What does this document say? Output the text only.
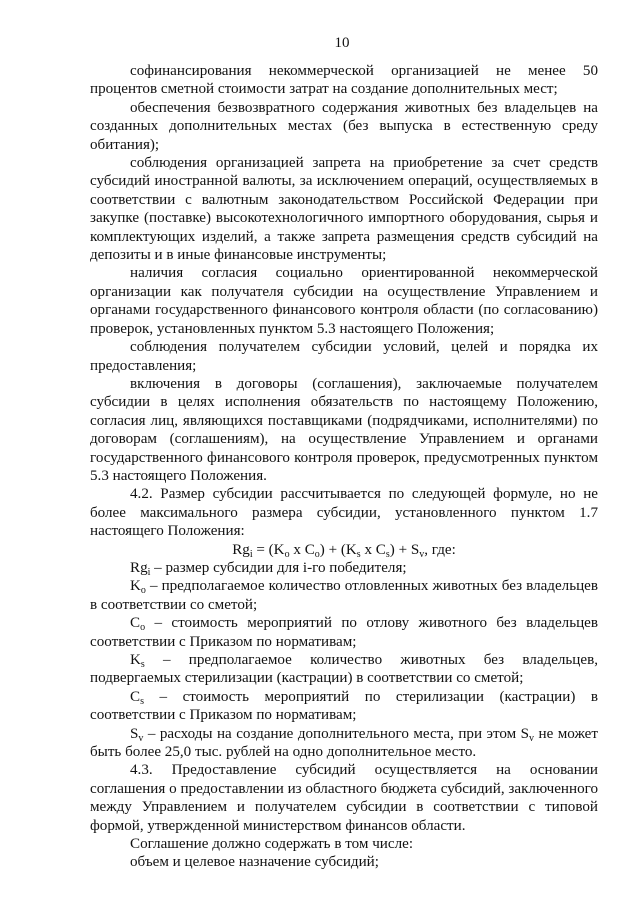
10

софинансирования некоммерческой организацией не менее 50 процентов сметной стоимости затрат на создание дополнительных мест;

обеспечения безвозвратного содержания животных без владельцев на созданных дополнительных местах (без выпуска в естественную среду обитания);

соблюдения организацией запрета на приобретение за счет средств субсидий иностранной валюты, за исключением операций, осуществляемых в соответствии с валютным законодательством Российской Федерации при закупке (поставке) высокотехнологичного импортного оборудования, сырья и комплектующих изделий, а также запрета размещения средств субсидий на депозиты и в иные финансовые инструменты;

наличия согласия социально ориентированной некоммерческой организации как получателя субсидии на осуществление Управлением и органами государственного финансового контроля области (по согласованию) проверок, установленных пунктом 5.3 настоящего Положения;

соблюдения получателем субсидии условий, целей и порядка их предоставления;

включения в договоры (соглашения), заключаемые получателем субсидии в целях исполнения обязательств по настоящему Положению, согласия лиц, являющихся поставщиками (подрядчиками, исполнителями) по договорам (соглашениям), на осуществление Управлением и органами государственного финансового контроля проверок, предусмотренных пунктом 5.3 настоящего Положения.

4.2. Размер субсидии рассчитывается по следующей формуле, но не более максимального размера субсидии, установленного пунктом 1.7 настоящего Положения:

$Rg_i = (K_o$ x $C_o) + (K_s$ x $C_s) + S_v$, где:

$Rg_i$ – размер субсидии для i-го победителя;

$K_o$ – предполагаемое количество отловленных животных без владельцев в соответствии со сметой;

$C_o$ – стоимость мероприятий по отлову животного без владельцев соответствии с Приказом по нормативам;

$K_s$ – предполагаемое количество животных без владельцев, подвергаемых стерилизации (кастрации) в соответствии со сметой;

$C_s$ – стоимость мероприятий по стерилизации (кастрации) в соответствии с Приказом по нормативам;

$S_v$ – расходы на создание дополнительного места, при этом $S_v$ не может быть более 25,0 тыс. рублей на одно дополнительное место.

4.3. Предоставление субсидий осуществляется на основании соглашения о предоставлении из областного бюджета субсидий, заключенного между Управлением и получателем субсидии в соответствии с типовой формой, утвержденной министерством финансов области.

Соглашение должно содержать в том числе:

объем и целевое назначение субсидий;
